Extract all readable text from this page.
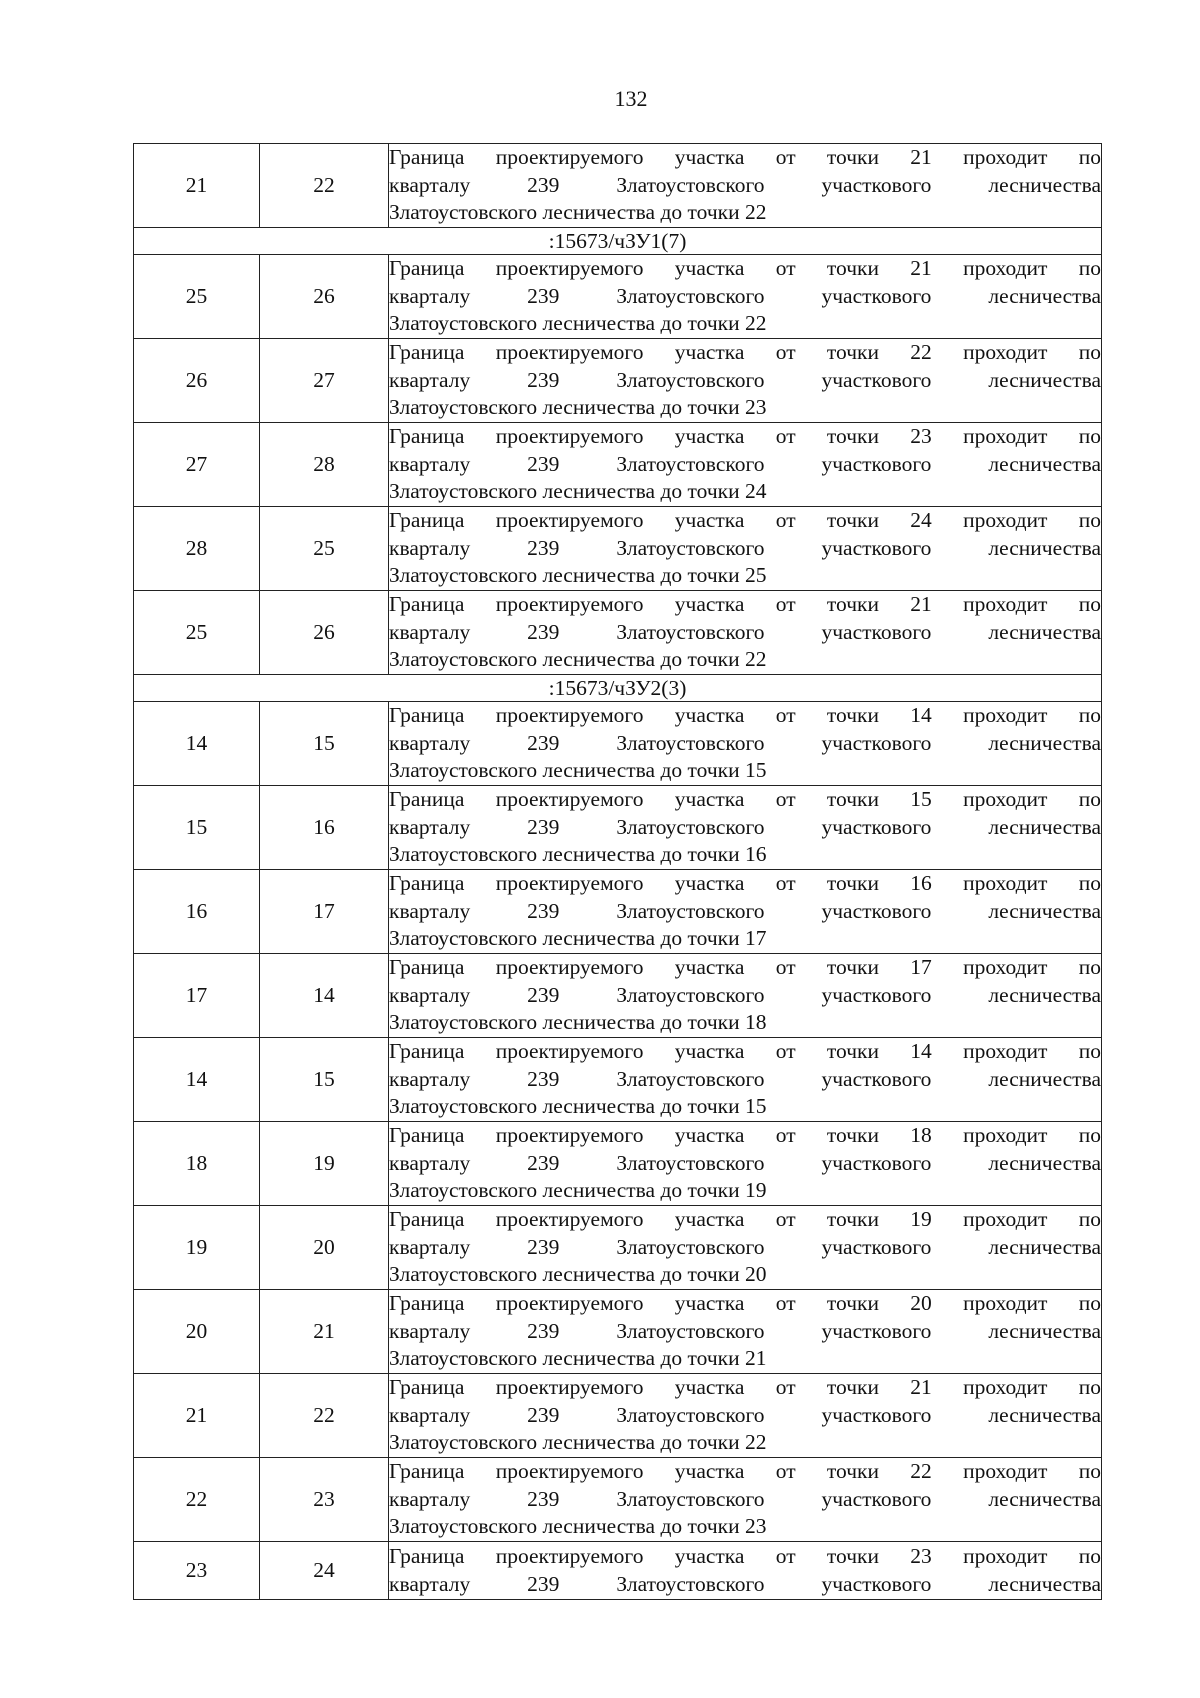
132
21	22	Граница проектируемого участка от точки 21 проходит по
кварталу 239 Златоустовского участкового лесничества
Златоустовского лесничества до точки 22

:15673/чЗУ1(7)		
25	26	Граница проектируемого участка от точки 21 проходит по
кварталу 239 Златоустовского участкового лесничества
Златоустовского лесничества до точки 22

26	27	Граница проектируемого участка от точки 22 проходит по
кварталу 239 Златоустовского участкового лесничества
Златоустовского лесничества до точки 23

27	28	Граница проектируемого участка от точки 23 проходит по
кварталу 239 Златоустовского участкового лесничества
Златоустовского лесничества до точки 24

28	25	Граница проектируемого участка от точки 24 проходит по
кварталу 239 Златоустовского участкового лесничества
Златоустовского лесничества до точки 25

25	26	Граница проектируемого участка от точки 21 проходит по
кварталу 239 Златоустовского участкового лесничества
Златоустовского лесничества до точки 22

:15673/чЗУ2(3)		
14	15	Граница проектируемого участка от точки 14 проходит по
кварталу 239 Златоустовского участкового лесничества
Златоустовского лесничества до точки 15

15	16	Граница проектируемого участка от точки 15 проходит по
кварталу 239 Златоустовского участкового лесничества
Златоустовского лесничества до точки 16

16	17	Граница проектируемого участка от точки 16 проходит по
кварталу 239 Златоустовского участкового лесничества
Златоустовского лесничества до точки 17

17	14	Граница проектируемого участка от точки 17 проходит по
кварталу 239 Златоустовского участкового лесничества
Златоустовского лесничества до точки 18

14	15	Граница проектируемого участка от точки 14 проходит по
кварталу 239 Златоустовского участкового лесничества
Златоустовского лесничества до точки 15

18	19	Граница проектируемого участка от точки 18 проходит по
кварталу 239 Златоустовского участкового лесничества
Златоустовского лесничества до точки 19

19	20	Граница проектируемого участка от точки 19 проходит по
кварталу 239 Златоустовского участкового лесничества
Златоустовского лесничества до точки 20

20	21	Граница проектируемого участка от точки 20 проходит по
кварталу 239 Златоустовского участкового лесничества
Златоустовского лесничества до точки 21

21	22	Граница проектируемого участка от точки 21 проходит по
кварталу 239 Златоустовского участкового лесничества
Златоустовского лесничества до точки 22

22	23	Граница проектируемого участка от точки 22 проходит по
кварталу 239 Златоустовского участкового лесничества
Златоустовского лесничества до точки 23

23	24	Граница проектируемого участка от точки 23 проходит по
кварталу 239 Златоустовского участкового лесничества
